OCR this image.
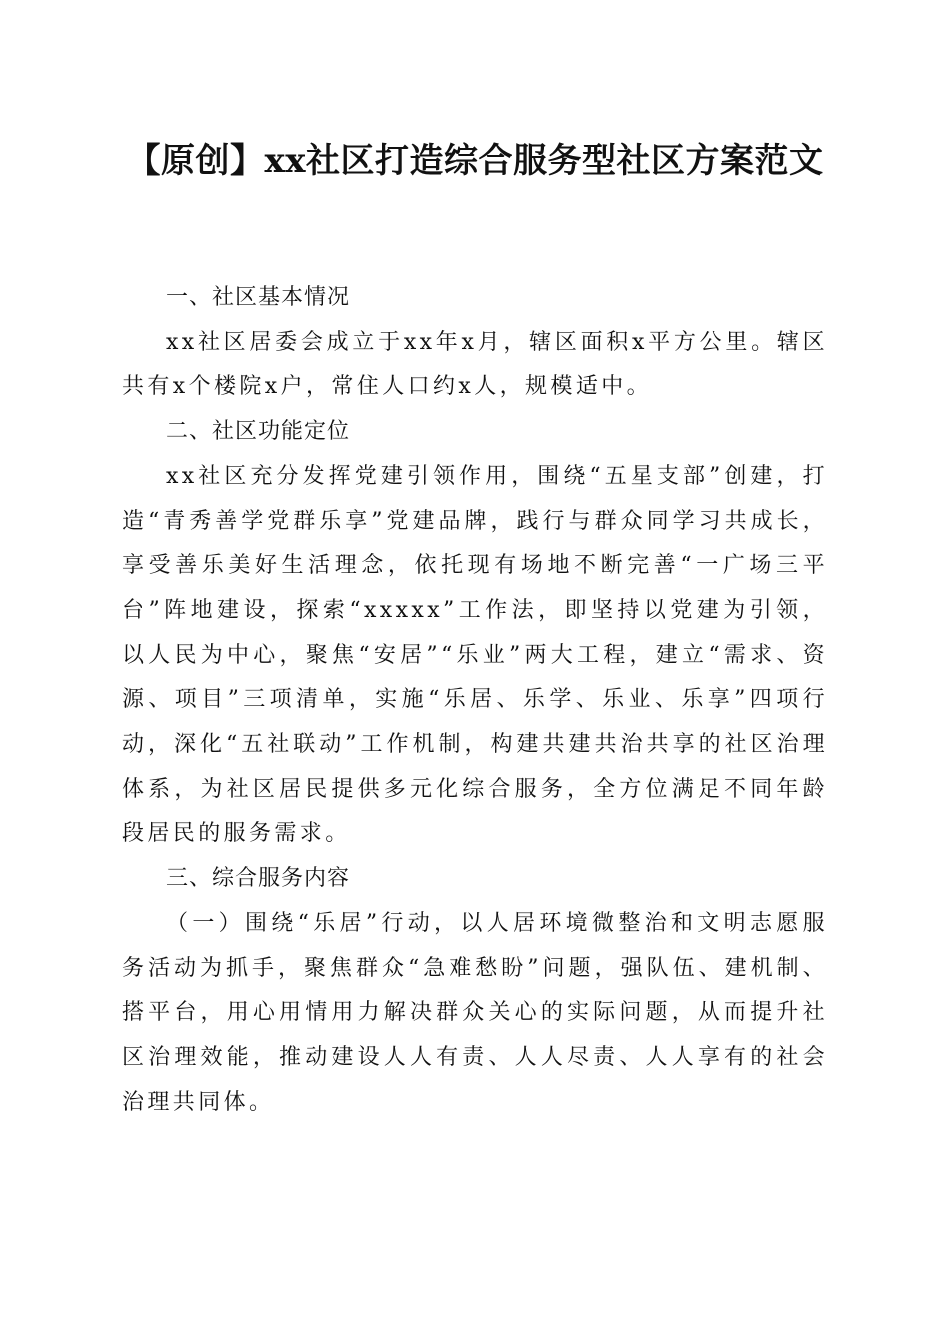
【原创】xx社区打造综合服务型社区方案范文
一、社区基本情况

xx社区居委会成立于xx年x月，辖区面积x平方公里。辖区共有x个楼院x户，常住人口约x人，规模适中。

二、社区功能定位

xx社区充分发挥党建引领作用，围绕“五星支部”创建，打造“青秀善学党群乐享”党建品牌，践行与群众同学习共成长，享受善乐美好生活理念，依托现有场地不断完善“一广场三平台”阵地建设，探索“xxxxx”工作法，即坚持以党建为引领，以人民为中心，聚焦“安居”“乐业”两大工程，建立“需求、资源、项目”三项清单，实施“乐居、乐学、乐业、乐享”四项行动，深化“五社联动”工作机制，构建共建共治共享的社区治理体系，为社区居民提供多元化综合服务，全方位满足不同年龄段居民的服务需求。

三、综合服务内容

（一）围绕“乐居”行动，以人居环境微整治和文明志愿服务活动为抓手，聚焦群众“急难愁盼”问题，强队伍、建机制、搭平台，用心用情用力解决群众关心的实际问题，从而提升社区治理效能，推动建设人人有责、人人尽责、人人享有的社会治理共同体。
